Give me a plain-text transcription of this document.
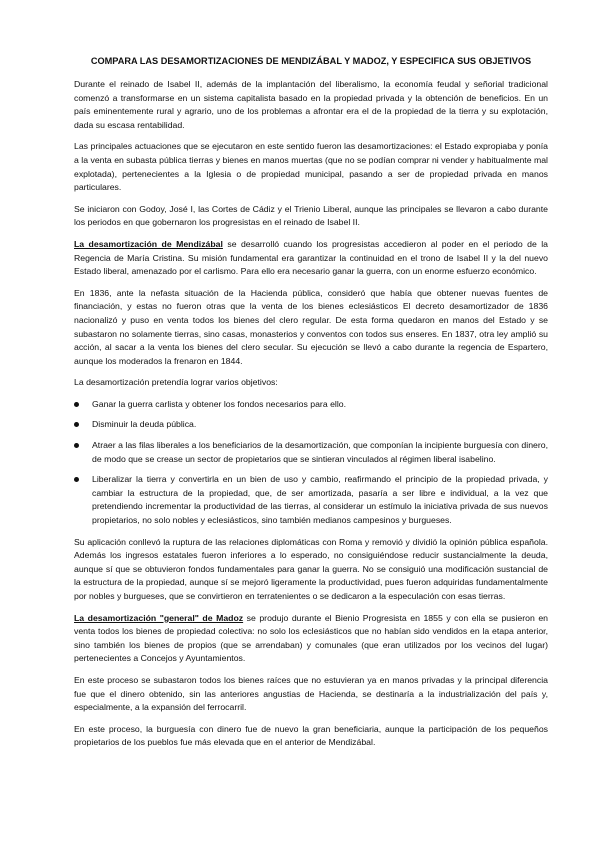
COMPARA LAS DESAMORTIZACIONES DE MENDIZÁBAL Y MADOZ, Y ESPECIFICA SUS OBJETIVOS

Durante el reinado de Isabel II, además de la implantación del liberalismo, la economía feudal y señorial tradicional comenzó a transformarse en un sistema capitalista basado en la propiedad privada y la obtención de beneficios. En un país eminentemente rural y agrario, uno de los problemas a afrontar era el de la propiedad de la tierra y su explotación, dada su escasa rentabilidad.

Las principales actuaciones que se ejecutaron en este sentido fueron las desamortizaciones: el Estado expropiaba y ponía a la venta en subasta pública tierras y bienes en manos muertas (que no se podían comprar ni vender y habitualmente mal explotada), pertenecientes a la Iglesia o de propiedad municipal, pasando a ser de propiedad privada en manos particulares.

Se iniciaron con Godoy, José I, las Cortes de Cádiz y el Trienio Liberal, aunque las principales se llevaron a cabo durante los periodos en que gobernaron los progresistas en el reinado de Isabel II.

La desamortización de Mendizábal se desarrolló cuando los progresistas accedieron al poder en el periodo de la Regencia de María Cristina. Su misión fundamental era garantizar la continuidad en el trono de Isabel II y la del nuevo Estado liberal, amenazado por el carlismo. Para ello era necesario ganar la guerra, con un enorme esfuerzo económico.

En 1836, ante la nefasta situación de la Hacienda pública, consideró que había que obtener nuevas fuentes de financiación, y estas no fueron otras que la venta de los bienes eclesiásticos El decreto desamortizador de 1836 nacionalizó y puso en venta todos los bienes del clero regular. De esta forma quedaron en manos del Estado y se subastaron no solamente tierras, sino casas, monasterios y conventos con todos sus enseres. En 1837, otra ley amplió su acción, al sacar a la venta los bienes del clero secular. Su ejecución se llevó a cabo durante la regencia de Espartero, aunque los moderados la frenaron en 1844.

La desamortización pretendía lograr varios objetivos:

Ganar la guerra carlista y obtener los fondos necesarios para ello.
Disminuir la deuda pública.
Atraer a las filas liberales a los beneficiarios de la desamortización, que componían la incipiente burguesía con dinero, de modo que se crease un sector de propietarios que se sintieran vinculados al régimen liberal isabelino.
Liberalizar la tierra y convertirla en un bien de uso y cambio, reafirmando el principio de la propiedad privada, y cambiar la estructura de la propiedad, que, de ser amortizada, pasaría a ser libre e individual, a la vez que pretendiendo incrementar la productividad de las tierras, al considerar un estímulo la iniciativa privada de sus nuevos propietarios, no solo nobles y eclesiásticos, sino también medianos campesinos y burgueses.

Su aplicación conllevó la ruptura de las relaciones diplomáticas con Roma y removió y dividió la opinión pública española. Además los ingresos estatales fueron inferiores a lo esperado, no consiguiéndose reducir sustancialmente la deuda, aunque sí que se obtuvieron fondos fundamentales para ganar la guerra. No se consiguió una modificación sustancial de la estructura de la propiedad, aunque sí se mejoró ligeramente la productividad, pues fueron adquiridas fundamentalmente por nobles y burgueses, que se convirtieron en terratenientes o se dedicaron a la especulación con esas tierras.

La desamortización "general" de Madoz se produjo durante el Bienio Progresista en 1855 y con ella se pusieron en venta todos los bienes de propiedad colectiva: no solo los eclesiásticos que no habían sido vendidos en la etapa anterior, sino también los bienes de propios (que se arrendaban) y comunales (que eran utilizados por los vecinos del lugar) pertenecientes a Concejos y Ayuntamientos.

En este proceso se subastaron todos los bienes raíces que no estuvieran ya en manos privadas y la principal diferencia fue que el dinero obtenido, sin las anteriores angustias de Hacienda, se destinaría a la industrialización del país y, especialmente, a la expansión del ferrocarril.

En este proceso, la burguesía con dinero fue de nuevo la gran beneficiaria, aunque la participación de los pequeños propietarios de los pueblos fue más elevada que en el anterior de Mendizábal.
